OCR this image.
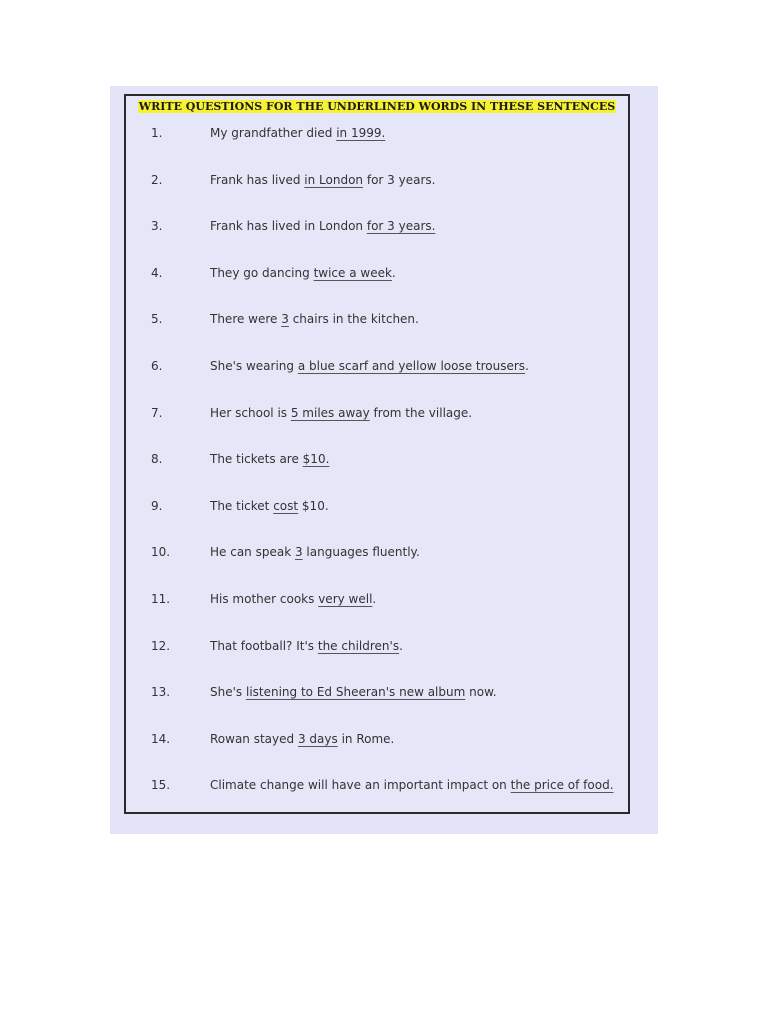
WRITE QUESTIONS FOR THE UNDERLINED WORDS IN THESE SENTENCES
1.	My grandfather died in 1999.
2.	Frank has lived in London for 3 years.
3.	Frank has lived in London for 3 years.
4.	They go dancing twice a week.
5.	There were 3 chairs in the kitchen.
6.	She's wearing a blue scarf and yellow loose trousers.
7.	Her school is 5 miles away from the village.
8.	The tickets are $10.
9.	The ticket cost $10.
10.	He can speak 3 languages fluently.
11.	His mother cooks very well.
12.	That football? It's the children's.
13.	She's listening to Ed Sheeran's new album now.
14.	Rowan stayed 3 days in Rome.
15.	Climate change will have an important impact on the price of food.
